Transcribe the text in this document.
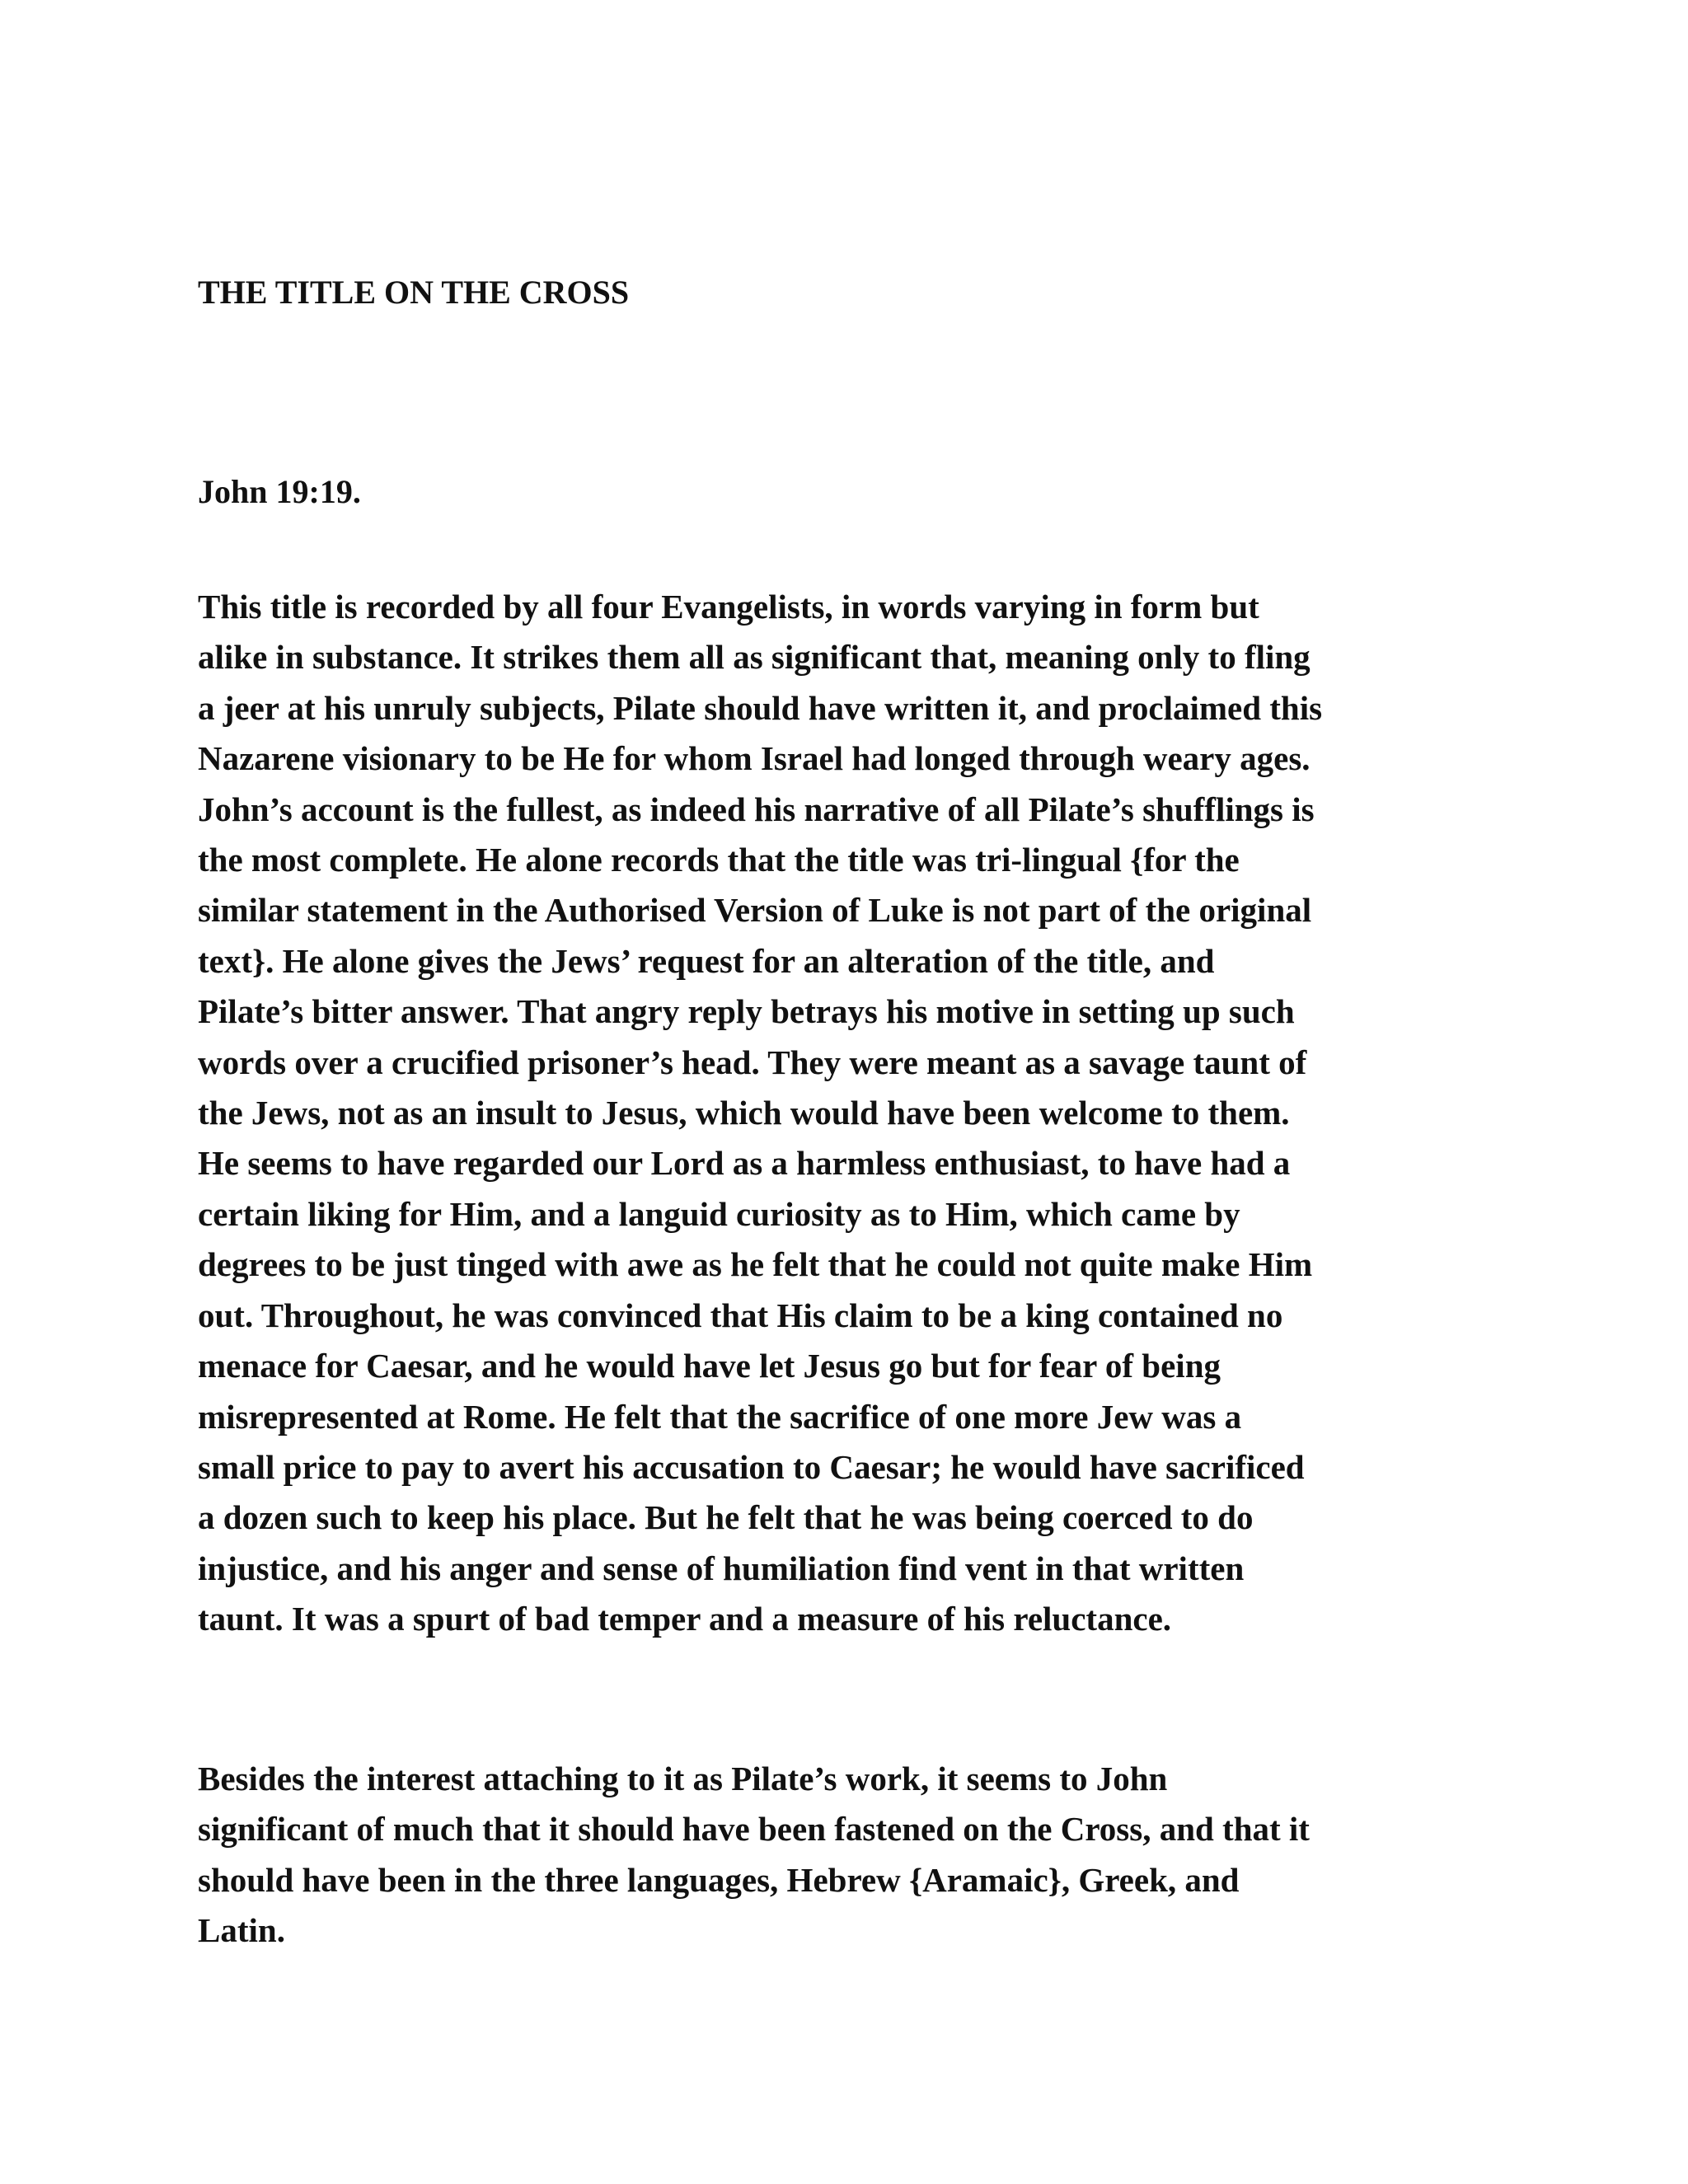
THE TITLE ON THE CROSS

John 19:19.

This title is recorded by all four Evangelists, in words varying in form but
alike in substance. It strikes them all as significant that, meaning only to fling
a jeer at his unruly subjects, Pilate should have written it, and proclaimed this
Nazarene visionary to be He for whom Israel had longed through weary ages.
John’s account is the fullest, as indeed his narrative of all Pilate’s shufflings is
the most complete. He alone records that the title was tri-lingual {for the
similar statement in the Authorised Version of Luke is not part of the original
text}. He alone gives the Jews’ request for an alteration of the title, and
Pilate’s bitter answer. That angry reply betrays his motive in setting up such
words over a crucified prisoner’s head. They were meant as a savage taunt of
the Jews, not as an insult to Jesus, which would have been welcome to them.
He seems to have regarded our Lord as a harmless enthusiast, to have had a
certain liking for Him, and a languid curiosity as to Him, which came by
degrees to be just tinged with awe as he felt that he could not quite make Him
out. Throughout, he was convinced that His claim to be a king contained no
menace for Caesar, and he would have let Jesus go but for fear of being
misrepresented at Rome. He felt that the sacrifice of one more Jew was a
small price to pay to avert his accusation to Caesar; he would have sacrificed
a dozen such to keep his place. But he felt that he was being coerced to do
injustice, and his anger and sense of humiliation find vent in that written
taunt. It was a spurt of bad temper and a measure of his reluctance.
Besides the interest attaching to it as Pilate’s work, it seems to John
significant of much that it should have been fastened on the Cross, and that it
should have been in the three languages, Hebrew {Aramaic}, Greek, and
Latin.
